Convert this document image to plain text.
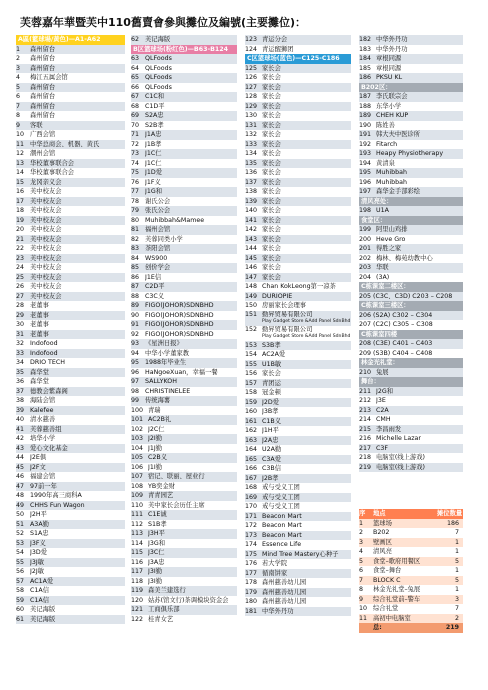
芙蓉嘉年華暨芙中110舊賣會參與攤位及編號(主要攤位)：
A區(籃球場/黃色)—A1-A62
1	森州留台
2	森州留台
3	森州留台
4	梅江五属会馆
5	森州留台
6	森州留台
7	森州留台
8	森州留台
9	客联
10 广西会馆
11 中华总商会、机器、黄氏
12 潮州会馆
13 华校董事联合会
14 华校董事联合会
15 龙冈亲义会
16 芙中校友会
17 芙中校友会
18 芙中校友会
19 芙中校友会
20 芙中校友会
21 芙中校友会
22 芙中校友会
23 芙中校友会
24 芙中校友会
25 芙中校友会
26 芙中校友会
27 芙中校友会
28 老董事
29 老董事
30 老董事
31 老董事
32 Indofood
33 Indofood
34 DRIO TECH
35 森华堂
36 森华堂
37 德教会紫森阁
38 海陆会馆
39 Kalefee
40 清水慈善
41 芙蓉慈善组
42 培华小学
43 爱心文化基金
44 J2E俱
45 J2F文
46 福建会馆
47 97前一年
48 1990年高三商科A
49 CHHS Fun Wagon
50 J2H平
51 A3A勤
52 S1A忠
53 J3F义
54 J3D爱
55 J3J敏
56 J2J敏
57 AC1A爱
58 C1A信
59 C1A信
60 芙记海版
61 芙记海版
62 芙记海版
B区篮球场(粉红色)—B63-B124
63 QLFoods
64 QLFoods
65 QLFoods
66 QLFoods
67 C1C和
68 C1D平
69 S2A忠
70 S2B孝
71 J1A忠
72 J1B孝
73 J1C仁
74 J1C仁
75 J1D爱
76 J1F义
77 J1G和
78 谢氏公会
79 张氏公会
80 Muhibbah&Mamee
81 福州会馆
82 芙蓉同类小学
83 茶阳会馆
84 WS900
85 创价学会
86 J1E信
87 C2D平
88 C3C义
89 FIGO(JOHOR)SDNBHD
90 FIGO(JOHOR)SDNBHD
91 FIGO(JOHOR)SDNBHD
92 FIGO(JOHOR)SDNBHD
93 《星洲日报》
94 中华小学董家教
95 1988年毕业生
96 HaNgoeXuan，幸福一餐
97 SALLYKOH
98 CHRISTINELEE
99 传统海薯
100 青瑞
101 AC2B礼
102 J2C仁
103 J2I勤
104 J1J勤
105 C2B义
106 J1I勤
107 宿记、联丽、屋业行
108 YB奕金财
109 青青园艺
110 芙中家长会历任主席
111 C1E诚
112 S1B孝
113 J3H平
114 J3G和
115 J3C仁
116 J3A忠
117 J3I勤
118 J3I勤
119 森美兰建选行
120 姑苏(馆文行)茶调模块资金会
121 工商俱乐部
122 桂青女艺
123 青运分会
124 青运醒狮团
C区篮球场(蓝色)—C125-C186
125 家长会
126 家长会
127 家长会
128 家长会
129 家长会
130 家长会
131 家长会
132 家长会
133 家长会
134 家长会
135 家长会
136 家长会
137 家长会
138 家长会
139 家长会
140 家长会
141 家长会
142 家长会
143 家长会
144 家长会
145 家长会
146 家长会
147 家长会
148 Chan KokLeong第一凉茶
149 DURIOPIE
150 房丽家长会理事
151 勤昇贸易有限公司
Play Gadget Store &Add Panel SdnBhd
152 勤昇贸易有限公司
Play Gadget Store &Add Panel SdnBhd
153 S3B孝
154 AC2A爱
155 U1B敏
156 家长会
157 青团运
158 冠金顿
159 J2D爱
160 J3B孝
161 C1B义
162 J1H平
163 J2A忠
164 U2A勤
165 C3A爱
166 C3B信
167 J2B孝
168 戒与受义工团
169 戒与受义工团
170 戒与受义工团
171 Beacon Mart
172 Beacon Mart
173 Beacon Mart
174 Essence Life
175 Mind Tree Mastery心种子
176 若大学院
177 循南饼家
178 森州慈善幼儿园
179 森州慈善幼儿园
180 森州慈善幼儿园
181 中华外丹功
182 中华外丹功
183 中华外丹功
184 章根同源
185 章根同源
186 PKSU KL
B202区：
187 李氏联宗会
188 东华小学
189 CHEH KUP
190 陈姓善
191 韩大夫中医诊所
192 Fitarch
193 Heapy Physiotherapy
194 黄清泉
195 Muhibbah
196 Muhibbah
197 森华金手部彩绘
清风亮处：
198 U1A
食堂区：
199 阿里山鸡排
200 Heve Gro
201 得胜之家
202 梅林、梅苑幼教中心
203 华联
204 (3A)
C栋课室二楼区：
205 (C3C、C3D) C203 – C208
C栋课室三楼区：
206 (S2A) C302 – C304
207 (C2C) C305 – C308
C栋课室四楼
208 (C3E) C401 – C403
209 (S3B) C404 – C408
林金光礼堂：
210 兔展
舞台：
211 J2G和
212 J3E
213 C2A
214 CMH
215 李昌雨发
216 Michelle Lazar
217 C3F
218 电脑室(线上游戏)
219 电脑室(线上游戏)
序	地点	摊位数量
1	篮球场	186
2	B202	7
3	壁画区	1
4	清风亮	1
5	食堂–歌府用餐区	5
6	食堂–舞台	1
7	BLOCK C	5
8	林金光礼堂–兔展	1
9	综合礼堂前–警车	3
10 综合礼堂	7
11 高初中电脑室	2
总:	219
